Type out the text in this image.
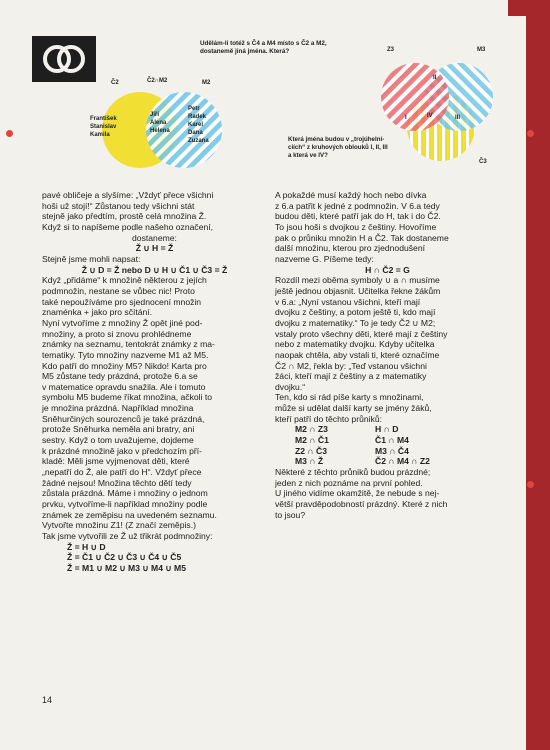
Udělám-li totéž s Č4 a M4 místo s Č2 a M2, dostanemě jiná jména. Která?
Č2	Č2∩M2	M2
František
Stanislav
Kamila
Jiří
Alena
Helena
Petr
Radek
Karel
Dana
Zuzana
Z3	M3
Č3
I
II
III
IV
Která jména budou v „trojúhelní-ciích“ z kruhových oblouků I, II, III a která ve IV?

pavé obličeje a slyšíme: „Vždyť přece všichni

hoši už stojí!“ Zůstanou tedy všichni stát

stejně jako předtím, prostě celá množina Ž.

Když si to napíšeme podle našeho označení,

dostaneme:

Ž ∪ H = Ž

Stejně jsme mohli napsat:

Ž ∪ D = Ž nebo D ∪ H ∪ Č1 ∪ Č3 = Ž

Když „přidáme“ k množině některou z jejích

podmnožin, nestane se vůbec nic! Proto

také nepoužíváme pro sjednocení množin

znaménka + jako pro sčítání.

Nyní vytvoříme z množiny Ž opět jiné pod-

množiny, a proto si znovu prohlédneme

známky na seznamu, tentokrát známky z ma-

tematiky. Tyto množiny nazveme M1 až M5.

Kdo patří do množiny M5? Nikdo! Karta pro

M5 zůstane tedy prázdná, protože 6.a se

v matematice opravdu snažila. Ale i tomuto

symbolu M5 budeme říkat množina, ačkoli to

je množina prázdná. Například množina

Sněhurčiných sourozenců je také prázdná,

protože Sněhurka neměla ani bratry, ani

sestry. Když o tom uvažujeme, dojdeme

k prázdné množině jako v předchozím pří-

kladě: Měli jsme vyjmenovat děti, které

„nepatří do Ž, ale patří do H“. Vždyť přece

žádné nejsou! Množina těchto dětí tedy

zůstala prázdná. Máme i množiny o jednom

prvku, vytvoříme-li například množiny podle

známek ze zeměpisu na uvedeném seznamu.

Vytvořte množinu Z1! (Z značí zeměpis.)

Tak jsme vytvořili ze Ž už třikrát podmnožiny:

Ž = H ∪ D

Ž = Č1 ∪ Č2 ∪ Č3 ∪ Č4 ∪ Č5

Ž = M1 ∪ M2 ∪ M3 ∪ M4 ∪ M5

A pokaždé musí každý hoch nebo dívka

z 6.a patřit k jedné z podmnožin. V 6.a tedy

budou děti, které patří jak do H, tak i do Č2.

To jsou hoši s dvojkou z češtiny. Hovoříme

pak o průniku množin H a Č2. Tak dostaneme

další množinu, kterou pro zjednodušení

nazveme G. Píšeme tedy:

H ∩ Č2 = G

Rozdíl mezi oběma symboly ∪ a ∩ musíme

ještě jednou objasnit. Učitelka řekne žákům

v 6.a: „Nyní vstanou všichni, kteří mají

dvojku z češtiny, a potom ještě ti, kdo mají

dvojku z matematiky.“ To je tedy Č2 ∪ M2;

vstaly proto všechny děti, které mají z češtiny

nebo z matematiky dvojku. Kdyby učitelka

naopak chtěla, aby vstali ti, které označíme

Č2 ∩ M2, řekla by: „Teď vstanou všichni

žáci, kteří mají z češtiny a z matematiky

dvojku.“

Ten, kdo si rád píše karty s množinami,

může si udělat další karty se jmény žáků,

kteří patří do těchto průniků:

M2 ∩ Z3	H ∩ D
M2 ∩ Č1	Č1 ∩ M4
Z2 ∩ Č3	M3 ∩ Č4
M3 ∩ Ž	Č2 ∩ M4 ∩ Z2

Některé z těchto průniků budou prázdné;

jeden z nich poznáme na první pohled.

U jiného vidíme okamžitě, že nebude s nej-

větší pravděpodobností prázdný. Které z nich

to jsou?

14
